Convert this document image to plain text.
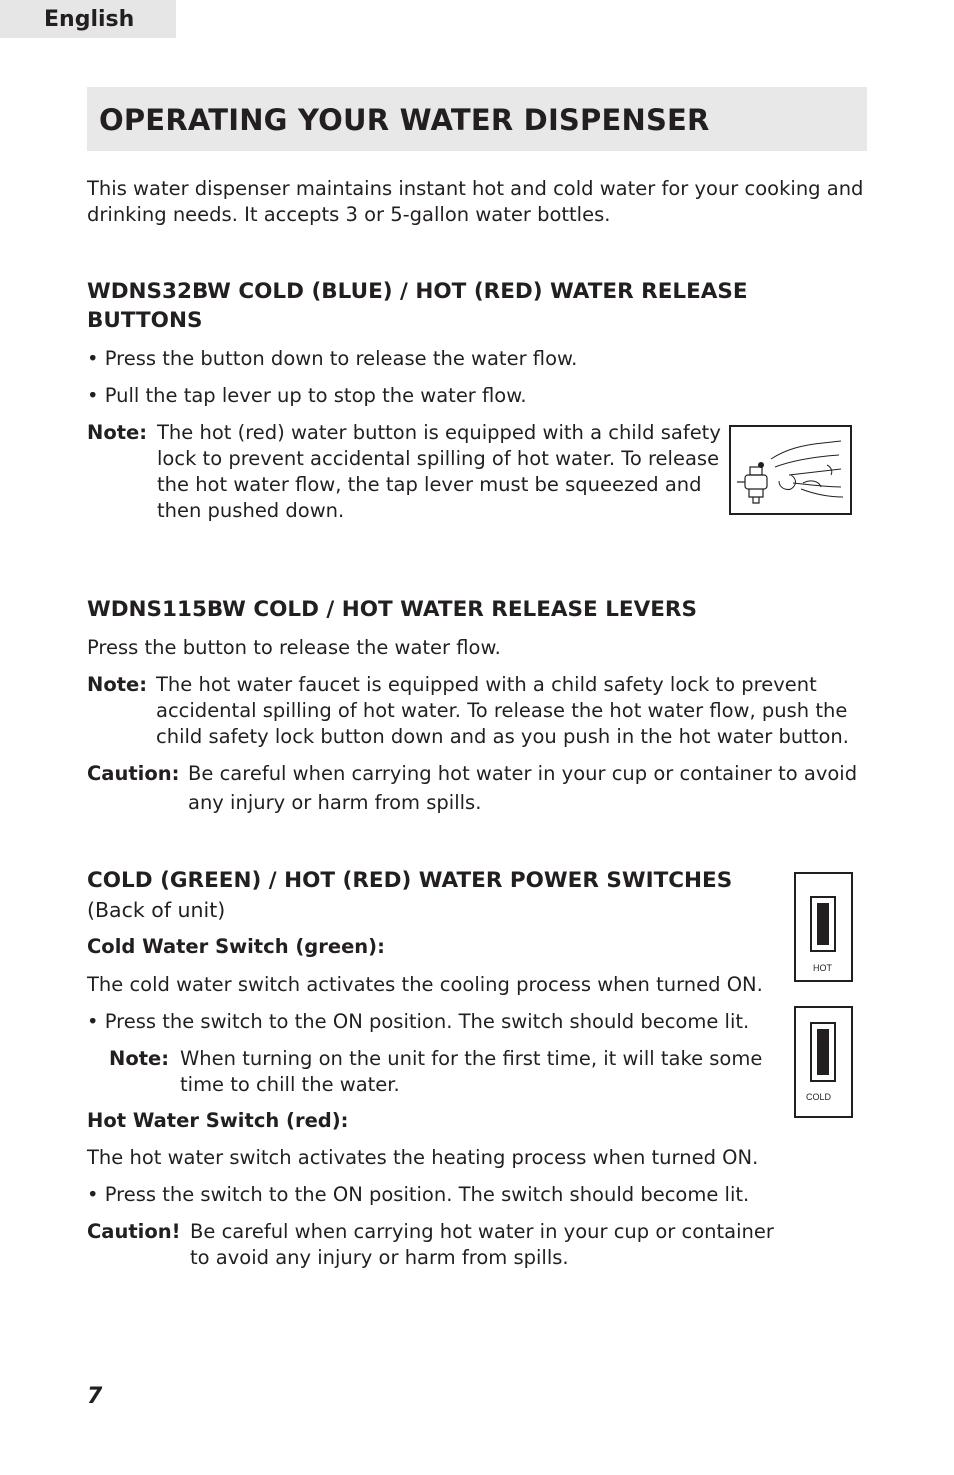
English
OPERATING YOUR WATER DISPENSER
This water dispenser maintains instant hot and cold water for your cooking and
drinking needs. It accepts 3 or 5-gallon water bottles.
WDNS32BW COLD (BLUE) / HOT (RED) WATER RELEASE
BUTTONS
• Press the button down to release the water flow.
• Pull the tap lever up to stop the water flow.
Note: The hot (red) water button is equipped with a child safety
lock to prevent accidental spilling of hot water. To release
the hot water flow, the tap lever must be squeezed and
then pushed down.
WDNS115BW COLD / HOT WATER RELEASE LEVERS
Press the button to release the water flow.
Note: The hot water faucet is equipped with a child safety lock to prevent
accidental spilling of hot water. To release the hot water flow, push the
child safety lock button down and as you push in the hot water button.
Caution: Be careful when carrying hot water in your cup or container to avoid
any injury or harm from spills.
COLD (GREEN) / HOT (RED) WATER POWER SWITCHES
(Back of unit)
Cold Water Switch (green):
The cold water switch activates the cooling process when turned ON.
• Press the switch to the ON position. The switch should become lit.
Note: When turning on the unit for the first time, it will take some
time to chill the water.
Hot Water Switch (red):
The hot water switch activates the heating process when turned ON.
• Press the switch to the ON position. The switch should become lit.
Caution! Be careful when carrying hot water in your cup or container
to avoid any injury or harm from spills.
HOT
COLD
7
